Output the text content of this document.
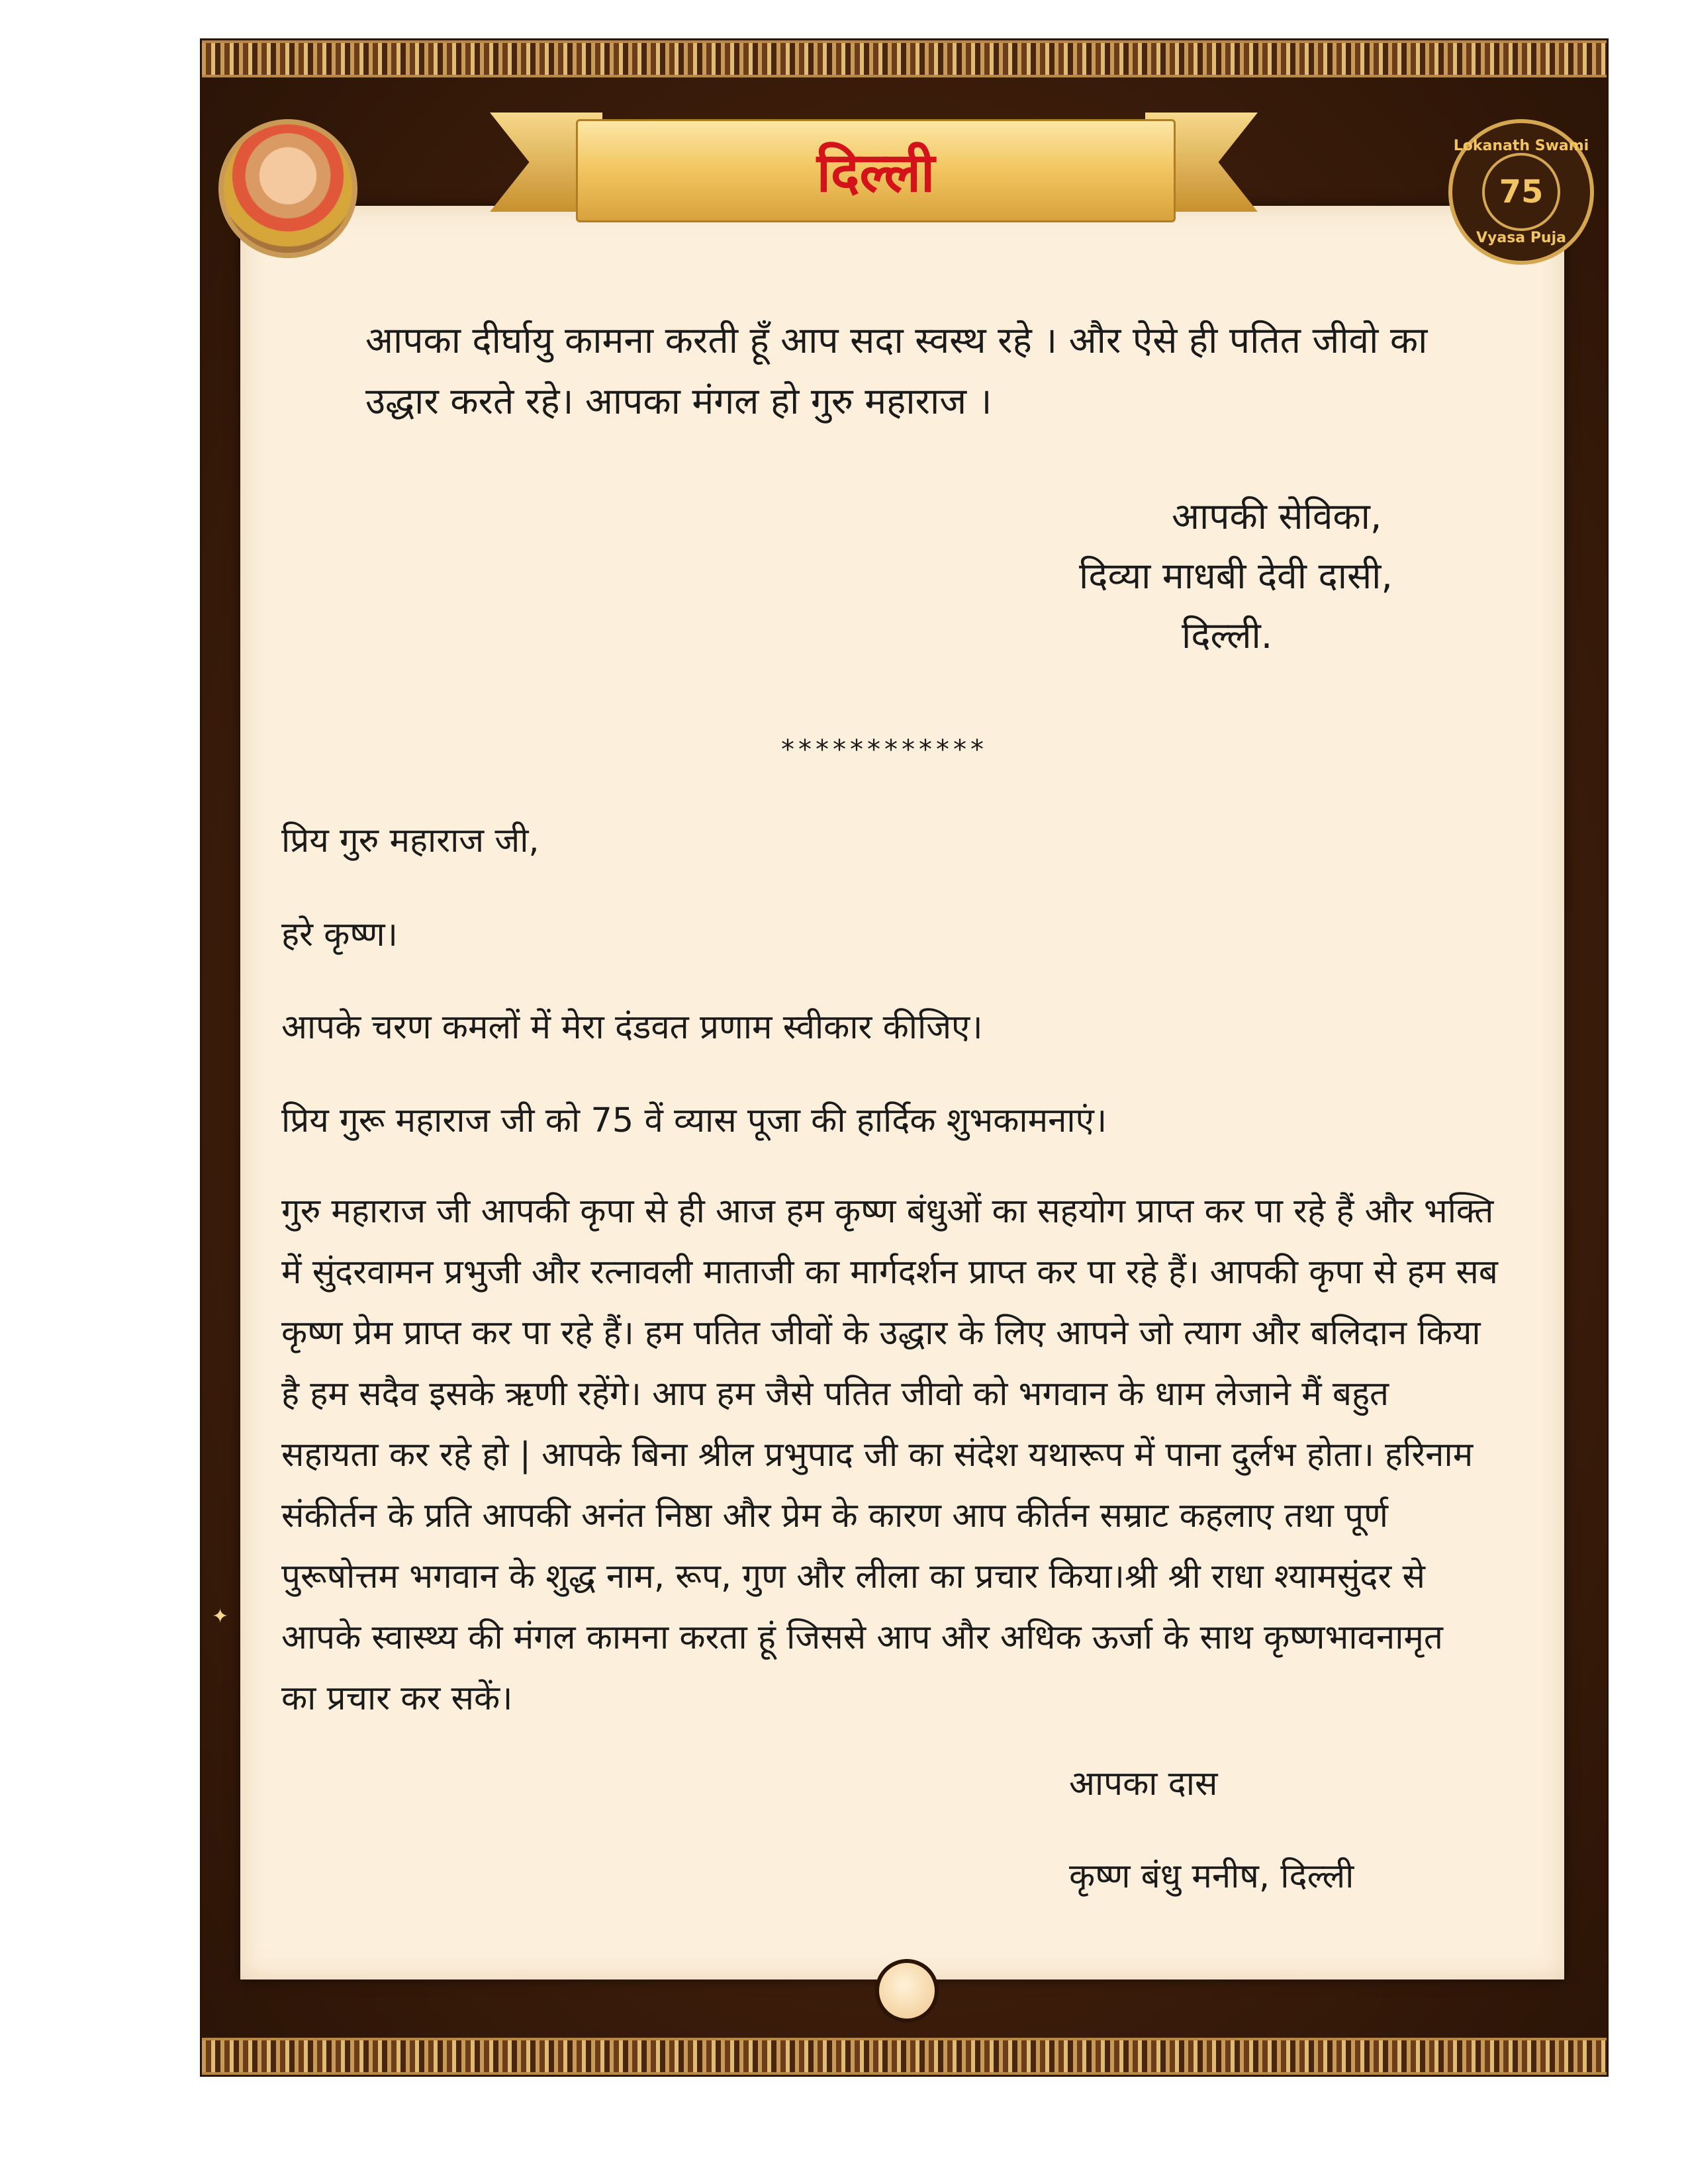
दिल्ली	Lokanath Swami
75
Vyasa Puja
आपका दीर्घायु कामना करती हूँ आप सदा स्वस्थ रहे । और ऐसे ही पतित जीवो का
उद्धार करते रहे। आपका मंगल हो गुरु महाराज ।
आपकी सेविका,
दिव्या माधबी देवी दासी,
दिल्ली.
************
प्रिय गुरु महाराज जी,
हरे कृष्ण।
आपके चरण कमलों में मेरा दंडवत प्रणाम स्वीकार कीजिए।
प्रिय गुरू महाराज जी को 75 वें व्यास पूजा की हार्दिक शुभकामनाएं।
गुरु महाराज जी आपकी कृपा से ही आज हम कृष्ण बंधुओं का सहयोग प्राप्त कर पा रहे हैं और भक्ति
में सुंदरवामन प्रभुजी और रत्नावली माताजी का मार्गदर्शन प्राप्त कर पा रहे हैं। आपकी कृपा से हम सब
कृष्ण प्रेम प्राप्त कर पा रहे हैं। हम पतित जीवों के उद्धार के लिए आपने जो त्याग और बलिदान किया
है हम सदैव इसके ऋणी रहेंगे। आप हम जैसे पतित जीवो को भगवान के धाम लेजाने मैं बहुत
सहायता कर रहे हो | आपके बिना श्रील प्रभुपाद जी का संदेश यथारूप में पाना दुर्लभ होता। हरिनाम
संकीर्तन के प्रति आपकी अनंत निष्ठा और प्रेम के कारण आप कीर्तन सम्राट कहलाए तथा पूर्ण
पुरूषोत्तम भगवान के शुद्ध नाम, रूप, गुण और लीला का प्रचार किया।श्री श्री राधा श्यामसुंदर से
आपके स्वास्थ्य की मंगल कामना करता हूं जिससे आप और अधिक ऊर्जा के साथ कृष्णभावनामृत
का प्रचार कर सकें।
आपका दास
कृष्ण बंधु मनीष, दिल्ली
✦
